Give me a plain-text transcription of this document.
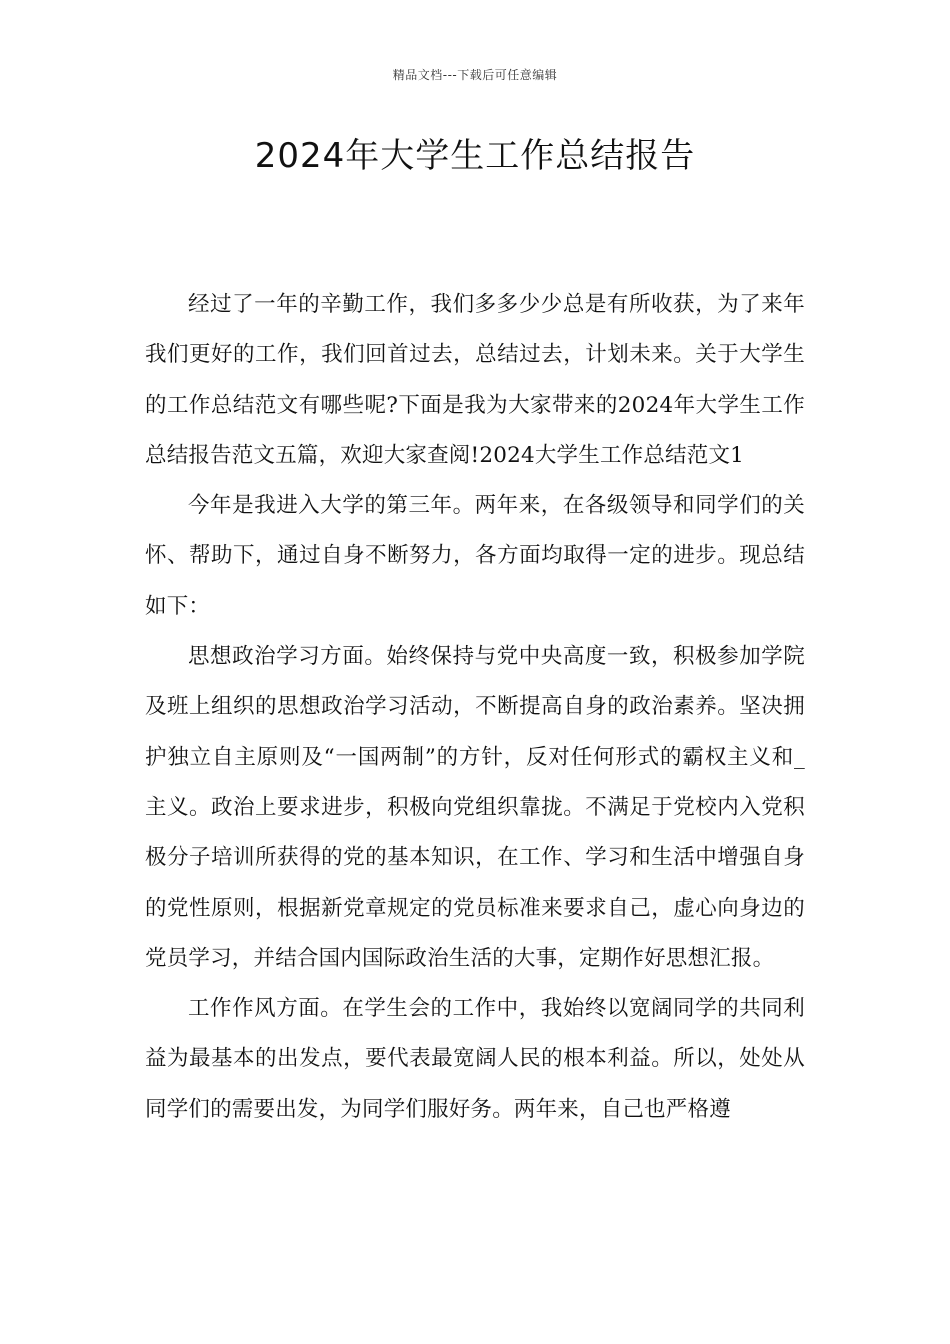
精品文档---下载后可任意编辑
2024年大学生工作总结报告

经过了一年的辛勤工作，我们多多少少总是有所收获，为了来年我们更好的工作，我们回首过去，总结过去，计划未来。关于大学生的工作总结范文有哪些呢?下面是我为大家带来的2024年大学生工作总结报告范文五篇，欢迎大家查阅!2024大学生工作总结范文1

今年是我进入大学的第三年。两年来，在各级领导和同学们的关怀、帮助下，通过自身不断努力，各方面均取得一定的进步。现总结如下：

思想政治学习方面。始终保持与党中央高度一致，积极参加学院及班上组织的思想政治学习活动，不断提高自身的政治素养。坚决拥护独立自主原则及“一国两制”的方针，反对任何形式的霸权主义和_主义。政治上要求进步，积极向党组织靠拢。不满足于党校内入党积极分子培训所获得的党的基本知识，在工作、学习和生活中增强自身的党性原则，根据新党章规定的党员标准来要求自己，虚心向身边的党员学习，并结合国内国际政治生活的大事，定期作好思想汇报。

工作作风方面。在学生会的工作中，我始终以宽阔同学的共同利益为最基本的出发点，要代表最宽阔人民的根本利益。所以，处处从同学们的需要出发，为同学们服好务。两年来，自己也严格遵
